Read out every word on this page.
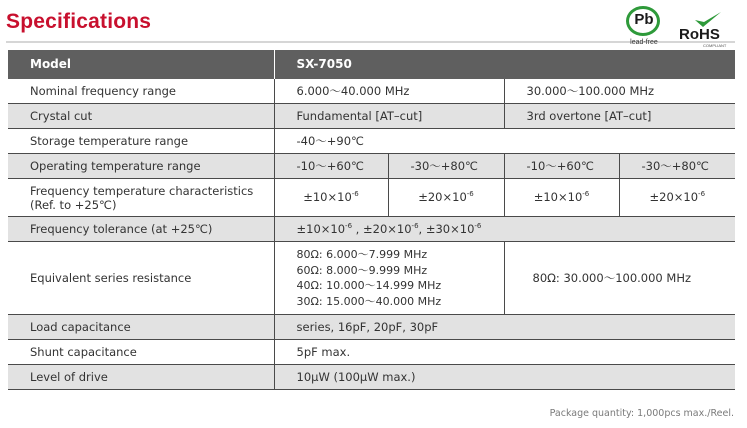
Specifications	Pb
lead-free	RoHS
COMPLIANT
Model	SX-7050			
Nominal frequency range	6.000〜40.000 MHz		30.000〜100.000 MHz	
Crystal cut	Fundamental [AT–cut]		3rd overtone [AT–cut]	
Storage temperature range	-40〜+90℃			
Operating temperature range	-10〜+60℃	-30〜+80℃	-10〜+60℃	-30〜+80℃
Frequency temperature characteristics
(Ref. to +25℃)	$\pm 10\times 10^{-6}$	$\pm 20\times 10^{-6}$	$\pm 10\times 10^{-6}$	$\pm 20\times 10^{-6}$
Frequency tolerance (at +25℃)	$\pm 10\times 10^{-6}$ , $\pm 20\times 10^{-6}$, $\pm 30\times 10^{-6}$
Equivalent series resistance	80Ω: 6.000〜7.999 MHz
60Ω: 8.000〜9.999 MHz
40Ω: 10.000〜14.999 MHz
30Ω: 15.000〜40.000 MHz		80Ω: 30.000〜100.000 MHz	
Load capacitance	series, 16pF, 20pF, 30pF			
Shunt capacitance	5pF max.			
Level of drive	10μW (100μW max.)			
Package quantity: 1,000pcs max./Reel.
